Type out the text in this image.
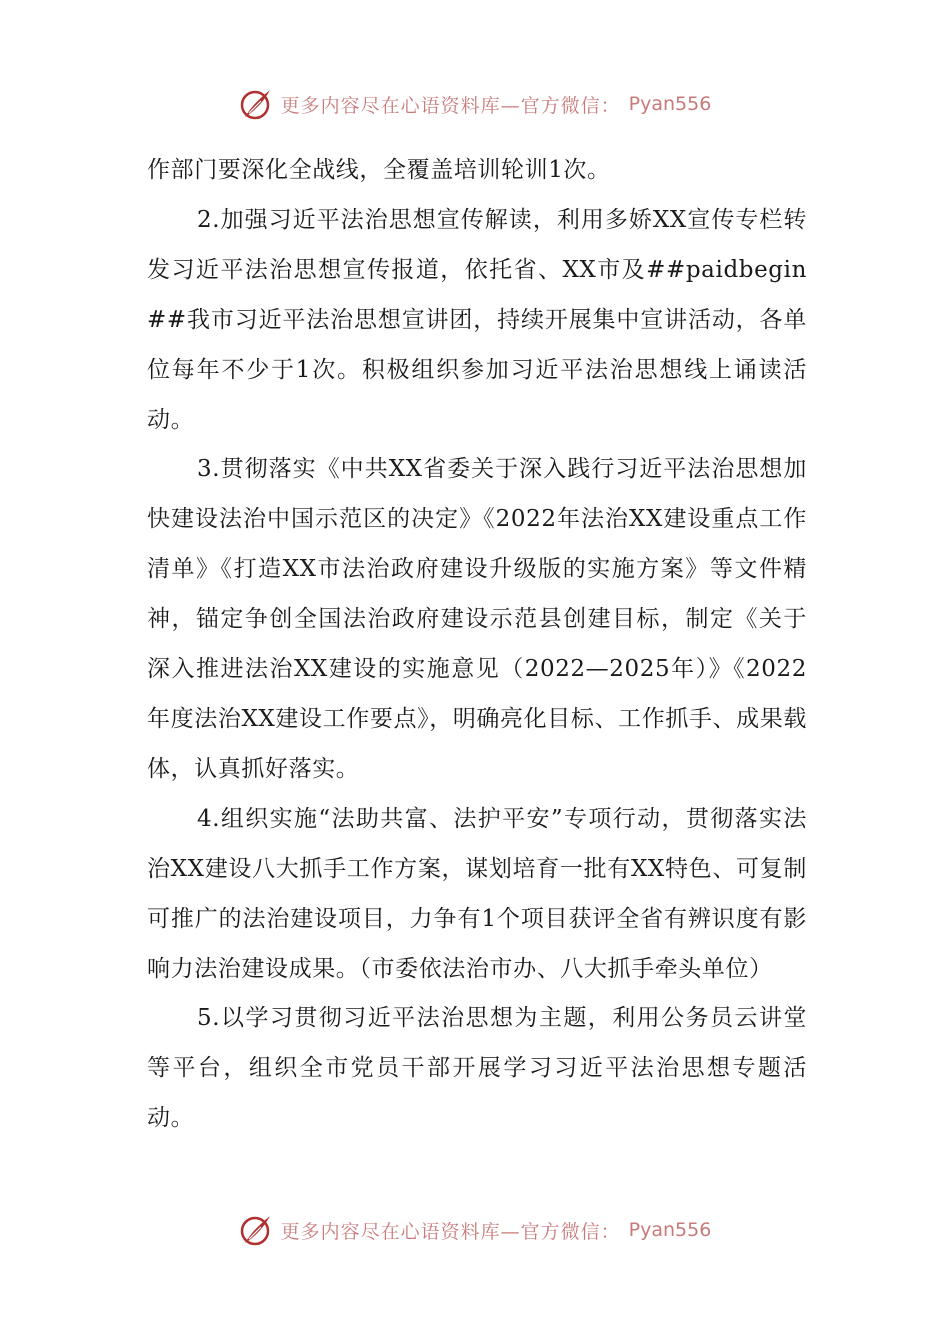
更多内容尽在心语资料库—官方微信： Pyan556

作部门要深化全战线，全覆盖培训轮训1次。

2.加强习近平法治思想宣传解读，利用多娇XX宣传专栏转发习近平法治思想宣传报道，依托省、XX市及##paidbegin##我市习近平法治思想宣讲团，持续开展集中宣讲活动，各单位每年不少于1次。积极组织参加习近平法治思想线上诵读活动。

3.贯彻落实《中共XX省委关于深入践行习近平法治思想加快建设法治中国示范区的决定》《2022年法治XX建设重点工作清单》《打造XX市法治政府建设升级版的实施方案》等文件精神，锚定争创全国法治政府建设示范县创建目标，制定《关于深入推进法治XX建设的实施意见（2022—2025年）》《2022年度法治XX建设工作要点》，明确亮化目标、工作抓手、成果载体，认真抓好落实。

4.组织实施“法助共富、法护平安”专项行动，贯彻落实法治XX建设八大抓手工作方案，谋划培育一批有XX特色、可复制可推广的法治建设项目，力争有1个项目获评全省有辨识度有影响力法治建设成果。（市委依法治市办、八大抓手牵头单位）

5.以学习贯彻习近平法治思想为主题，利用公务员云讲堂等平台，组织全市党员干部开展学习习近平法治思想专题活动。

更多内容尽在心语资料库—官方微信： Pyan556
